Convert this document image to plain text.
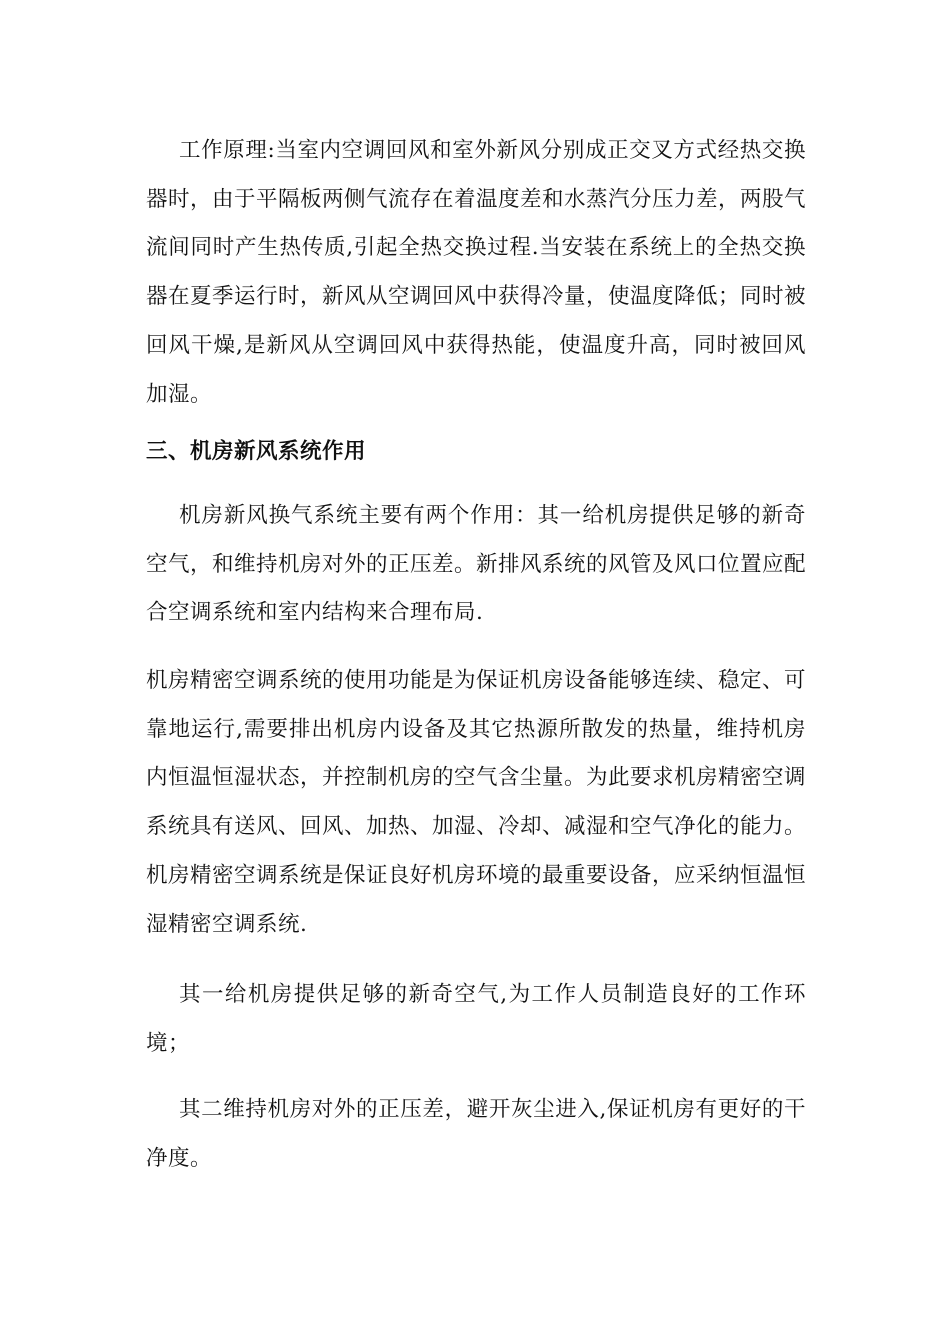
工作原理:当室内空调回风和室外新风分别成正交叉方式经热交换器时，由于平隔板两侧气流存在着温度差和水蒸汽分压力差，两股气流间同时产生热传质,引起全热交换过程.当安装在系统上的全热交换器在夏季运行时，新风从空调回风中获得冷量，使温度降低；同时被回风干燥,是新风从空调回风中获得热能，使温度升高，同时被回风加湿。

三、机房新风系统作用

机房新风换气系统主要有两个作用：其一给机房提供足够的新奇空气，和维持机房对外的正压差。新排风系统的风管及风口位置应配合空调系统和室内结构来合理布局.

机房精密空调系统的使用功能是为保证机房设备能够连续、稳定、可靠地运行,需要排出机房内设备及其它热源所散发的热量，维持机房内恒温恒湿状态，并控制机房的空气含尘量。为此要求机房精密空调系统具有送风、回风、加热、加湿、冷却、减湿和空气净化的能力。机房精密空调系统是保证良好机房环境的最重要设备，应采纳恒温恒湿精密空调系统.

其一给机房提供足够的新奇空气,为工作人员制造良好的工作环境；

其二维持机房对外的正压差，避开灰尘进入,保证机房有更好的干净度。
